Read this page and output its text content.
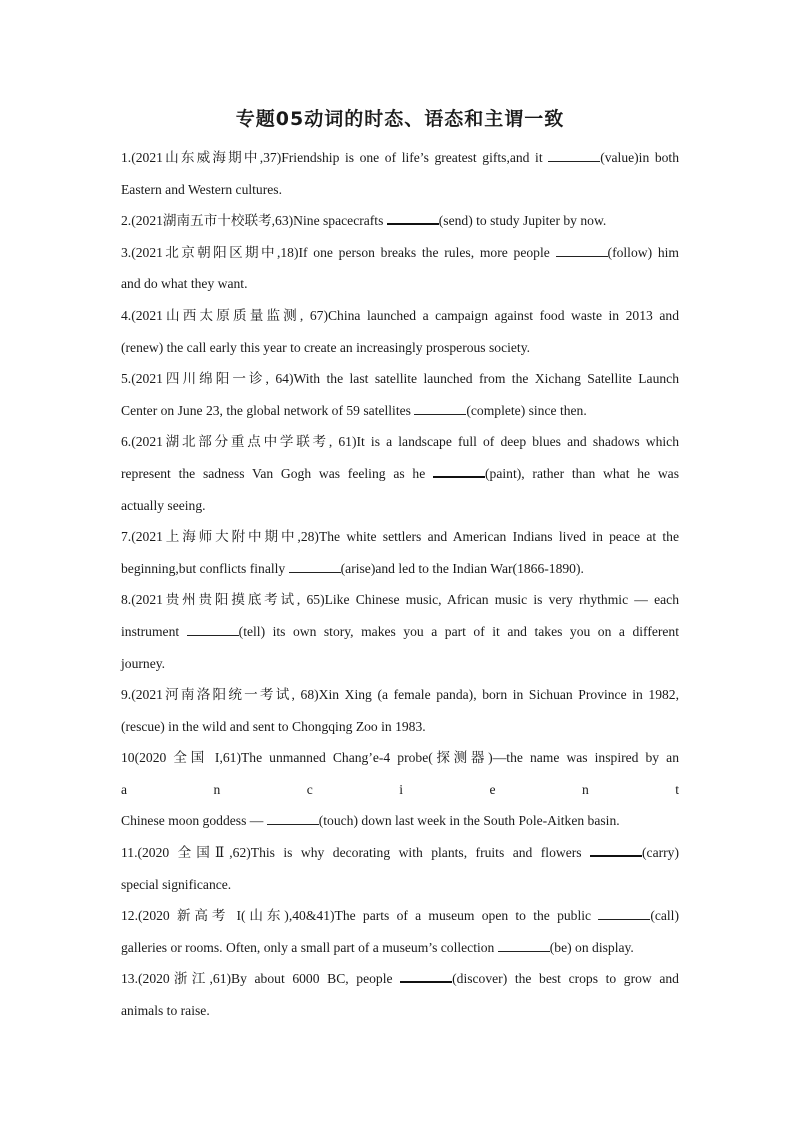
专题05动词的时态、语态和主谓一致
1.(2021山东威海期中,37)Friendship is one of life’s greatest gifts,and it	(value)in both
Eastern and Western cultures.
2.(2021湖南五市十校联考,63)Nine spacecrafts	(send) to study Jupiter by now.
3.(2021北京朝阳区期中,18)If one person breaks the rules, more people	(follow) him
and do what they want.
4.(2021山西太原质量监测, 67)China launched a campaign against food waste in 2013 and
(renew) the call early this year to create an increasingly prosperous society.
5.(2021四川绵阳一诊, 64)With the last satellite launched from the Xichang Satellite Launch
Center on June 23, the global network of 59 satellites	(complete) since then.
6.(2021湖北部分重点中学联考, 61)It is a landscape full of deep blues and shadows which
represent the sadness Van Gogh was feeling as he	(paint), rather than what he was
actually seeing.
7.(2021上海师大附中期中,28)The white settlers and American Indians lived in peace at the
beginning,but conflicts finally	(arise)and led to the Indian War(1866-1890).
8.(2021贵州贵阳摸底考试, 65)Like Chinese music, African music is very rhythmic — each
instrument	(tell) its own story, makes you a part of it and takes you on a different
journey.
9.(2021河南洛阳统一考试, 68)Xin Xing (a female panda), born in Sichuan Province in 1982,
(rescue) in the wild and sent to Chongqing Zoo in 1983.
10(2020 全国 I,61)The unmanned Chang’e-4 probe(探测器)—the name was inspired by an
a n c i e n t
Chinese moon goddess —	(touch) down last week in the South Pole-Aitken basin.
11.(2020 全国Ⅱ,62)This is why decorating with plants, fruits and flowers	(carry)
special significance.
12.(2020 新高考 I(山东),40&41)The parts of a museum open to the public	(call)
galleries or rooms. Often, only a small part of a museum’s collection	(be) on display.
13.(2020浙江,61)By about 6000 BC, people	(discover) the best crops to grow and
animals to raise.
